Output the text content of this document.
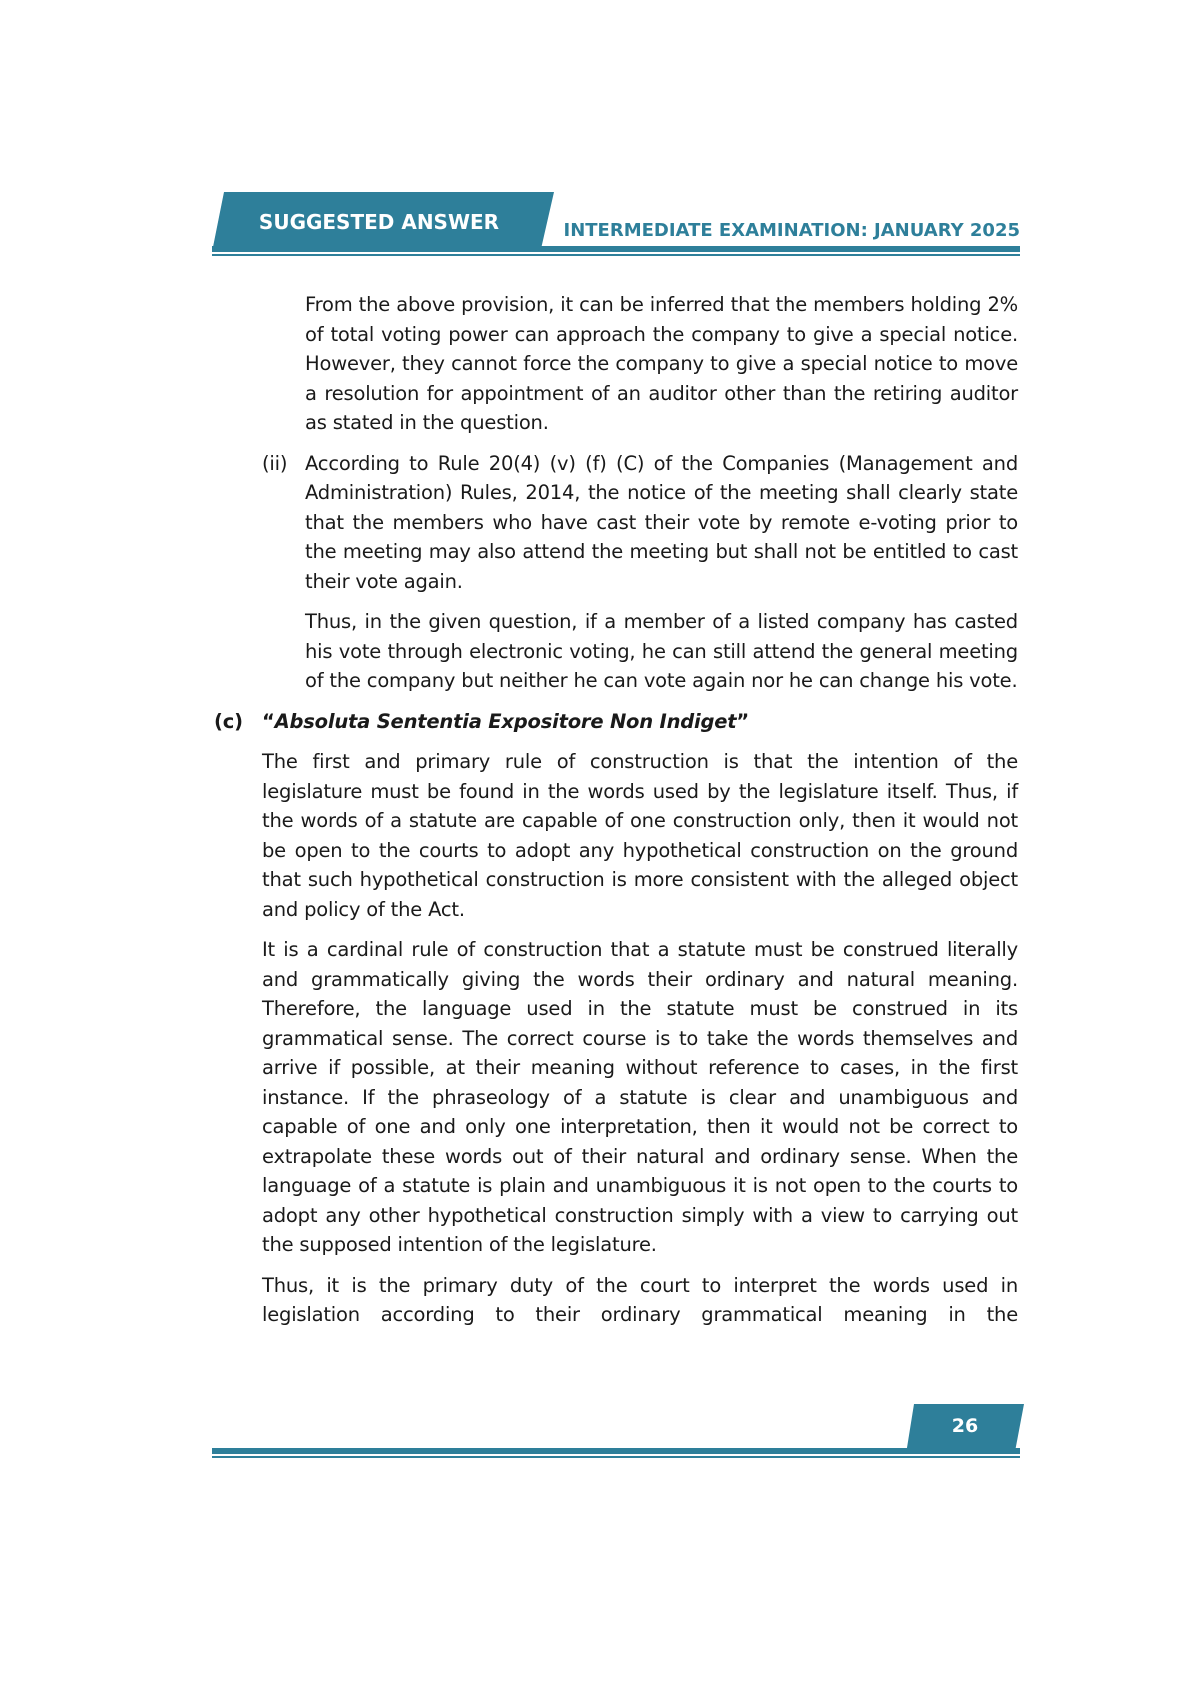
SUGGESTED ANSWER	INTERMEDIATE EXAMINATION: JANUARY 2025

From the above provision, it can be inferred that the members holding 2% of total voting power can approach the company to give a special notice. However, they cannot force the company to give a special notice to move a resolution for appointment of an auditor other than the retiring auditor as stated in the question.

(ii) According to Rule 20(4) (v) (f) (C) of the Companies (Management and Administration) Rules, 2014, the notice of the meeting shall clearly state that the members who have cast their vote by remote e-voting prior to the meeting may also attend the meeting but shall not be entitled to cast their vote again.

Thus, in the given question, if a member of a listed company has casted his vote through electronic voting, he can still attend the general meeting of the company but neither he can vote again nor he can change his vote.

(c) “Absoluta Sententia Expositore Non Indiget”

The first and primary rule of construction is that the intention of the legislature must be found in the words used by the legislature itself. Thus, if the words of a statute are capable of one construction only, then it would not be open to the courts to adopt any hypothetical construction on the ground that such hypothetical construction is more consistent with the alleged object and policy of the Act.

It is a cardinal rule of construction that a statute must be construed literally and grammatically giving the words their ordinary and natural meaning. Therefore, the language used in the statute must be construed in its grammatical sense. The correct course is to take the words themselves and arrive if possible, at their meaning without reference to cases, in the first instance. If the phraseology of a statute is clear and unambiguous and capable of one and only one interpretation, then it would not be correct to extrapolate these words out of their natural and ordinary sense. When the language of a statute is plain and unambiguous it is not open to the courts to adopt any other hypothetical construction simply with a view to carrying out the supposed intention of the legislature.

Thus, it is the primary duty of the court to interpret the words used in legislation according to their ordinary grammatical meaning in the

26
